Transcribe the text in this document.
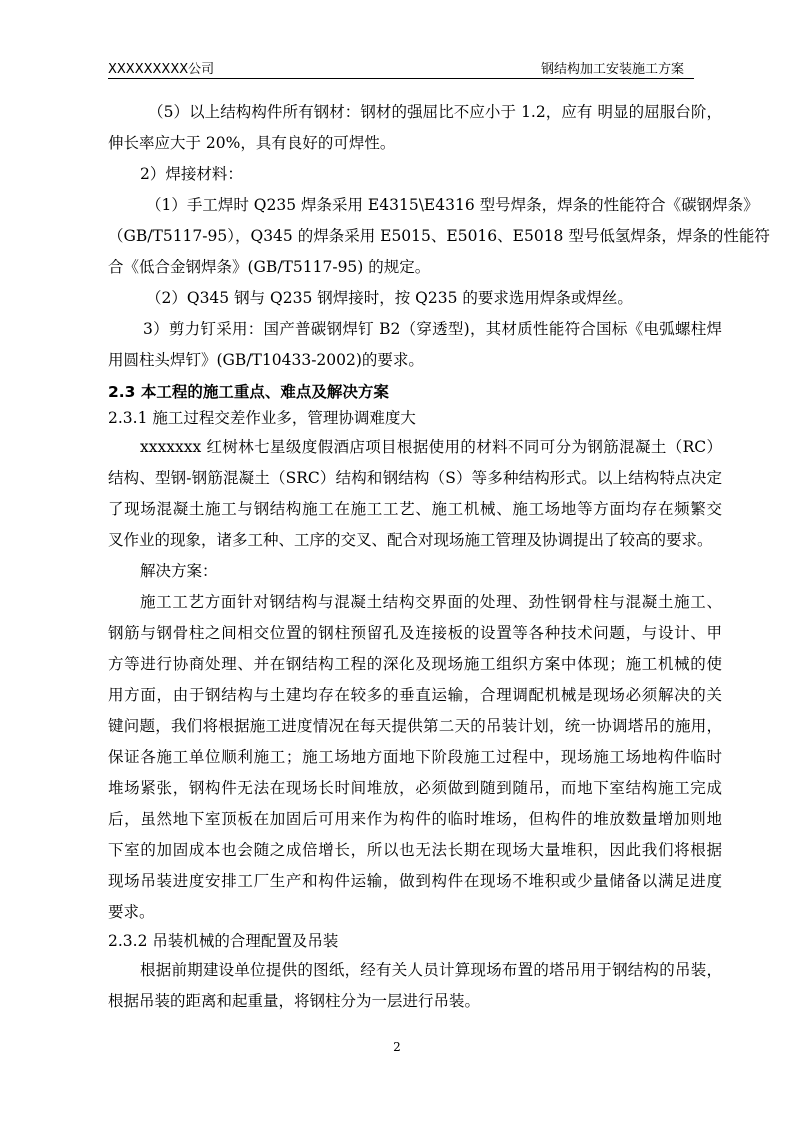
XXXXXXXXX公司	钢结构加工安装施工方案

（5）以上结构构件所有钢材：钢材的强屈比不应小于 1.2，应有 明显的屈服台阶，
伸长率应大于 20%，具有良好的可焊性。

2）焊接材料：

（1）手工焊时 Q235 焊条采用 E4315\E4316 型号焊条，焊条的性能符合《碳钢焊条》
（GB/T5117-95），Q345 的焊条采用 E5015、E5016、E5018 型号低氢焊条，焊条的性能符
合《低合金钢焊条》(GB/T5117-95) 的规定。

（2）Q345 钢与 Q235 钢焊接时，按 Q235 的要求选用焊条或焊丝。

3）剪力钉采用：国产普碳钢焊钉 B2（穿透型)，其材质性能符合国标《电弧螺柱焊
用圆柱头焊钉》(GB/T10433-2002)的要求。

2.3 本工程的施工重点、难点及解决方案
2.3.1 施工过程交差作业多，管理协调难度大

xxxxxxx 红树林七星级度假酒店项目根据使用的材料不同可分为钢筋混凝土（RC）
结构、型钢-钢筋混凝土（SRC）结构和钢结构（S）等多种结构形式。以上结构特点决定
了现场混凝土施工与钢结构施工在施工工艺、施工机械、施工场地等方面均存在频繁交
叉作业的现象，诸多工种、工序的交叉、配合对现场施工管理及协调提出了较高的要求。

解决方案：

施工工艺方面针对钢结构与混凝土结构交界面的处理、劲性钢骨柱与混凝土施工、
钢筋与钢骨柱之间相交位置的钢柱预留孔及连接板的设置等各种技术问题，与设计、甲
方等进行协商处理、并在钢结构工程的深化及现场施工组织方案中体现；施工机械的使
用方面，由于钢结构与土建均存在较多的垂直运输，合理调配机械是现场必须解决的关
键问题，我们将根据施工进度情况在每天提供第二天的吊装计划，统一协调塔吊的施用，
保证各施工单位顺利施工；施工场地方面地下阶段施工过程中，现场施工场地构件临时
堆场紧张，钢构件无法在现场长时间堆放，必须做到随到随吊，而地下室结构施工完成
后，虽然地下室顶板在加固后可用来作为构件的临时堆场，但构件的堆放数量增加则地
下室的加固成本也会随之成倍增长，所以也无法长期在现场大量堆积，因此我们将根据
现场吊装进度安排工厂生产和构件运输，做到构件在现场不堆积或少量储备以满足进度
要求。

2.3.2 吊装机械的合理配置及吊装

根据前期建设单位提供的图纸，经有关人员计算现场布置的塔吊用于钢结构的吊装，
根据吊装的距离和起重量，将钢柱分为一层进行吊装。

2
